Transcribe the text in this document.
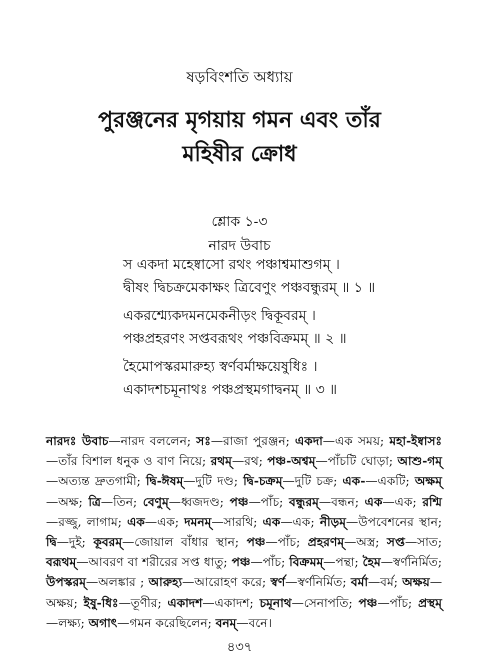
ষড়বিংশতি অধ্যায়
পুরঞ্জনের মৃগয়ায় গমন এবং তাঁর
মহিষীর ক্রোধ
শ্লোক ১-৩
নারদ উবাচ
স একদা মহেষ্বাসো রথং পঞ্চাশ্বমাশুগম্ ।
দ্বীষং দ্বিচক্রমেকাক্ষং ত্রিবেণুং পঞ্চবন্ধুরম্ ॥ ১ ॥
একরশ্ম্যেকদমনমেকনীড়ং দ্বিকূবরম্ ।
পঞ্চপ্রহরণং সপ্তবরূথং পঞ্চবিক্রমম্ ॥ ২ ॥
হৈমোপস্করমারুহ্য স্বর্ণবর্মাক্ষয়েষুধিঃ ।
একাদশচমূনাথঃ পঞ্চপ্রস্থমগাদ্বনম্ ॥ ৩ ॥
নারদঃ উবাচ—নারদ বললেন; সঃ—রাজা পুরঞ্জন; একদা—এক সময়; মহা-ইষ্বাসঃ—তাঁর বিশাল ধনুক ও বাণ নিয়ে; রথম্—রথ; পঞ্চ-অশ্বম্—পাঁচটি ঘোড়া; আশু-গম্—অত্যন্ত দ্রুতগামী; দ্বি-ঈষম্—দুটি দণ্ড; দ্বি-চক্রম্—দুটি চক্র; এক-—একটি; অক্ষম্—অক্ষ; ত্রি—তিন; বেণুম্—ধ্বজদণ্ড; পঞ্চ—পাঁচ; বন্ধুরম্—বন্ধন; এক—এক; রশ্মি—রজ্জু, লাগাম; এক—এক; দমনম্—সারথি; এক—এক; নীড়ম্—উপবেশনের স্থান; দ্বি—দুই; কূবরম্—জোয়াল বাঁধার স্থান; পঞ্চ—পাঁচ; প্রহরণম্—অস্ত্র; সপ্ত—সাত; বরূথম্—আবরণ বা শরীরের সপ্ত ধাতু; পঞ্চ—পাঁচ; বিক্রমম্—পন্থা; হৈম—স্বর্ণনির্মিত; উপস্করম্—অলঙ্কার ; আরুহ্য—আরোহণ করে; স্বর্ণ—স্বর্ণনির্মিত; বর্মা—বর্ম; অক্ষয়—অক্ষয়; ইষু-ধিঃ—তূণীর; একাদশ—একাদশ; চমূনাথ—সেনাপতি; পঞ্চ—পাঁচ; প্রস্থম্—লক্ষ্য; অগাৎ—গমন করেছিলেন; বনম্—বনে।
৪৩৭
